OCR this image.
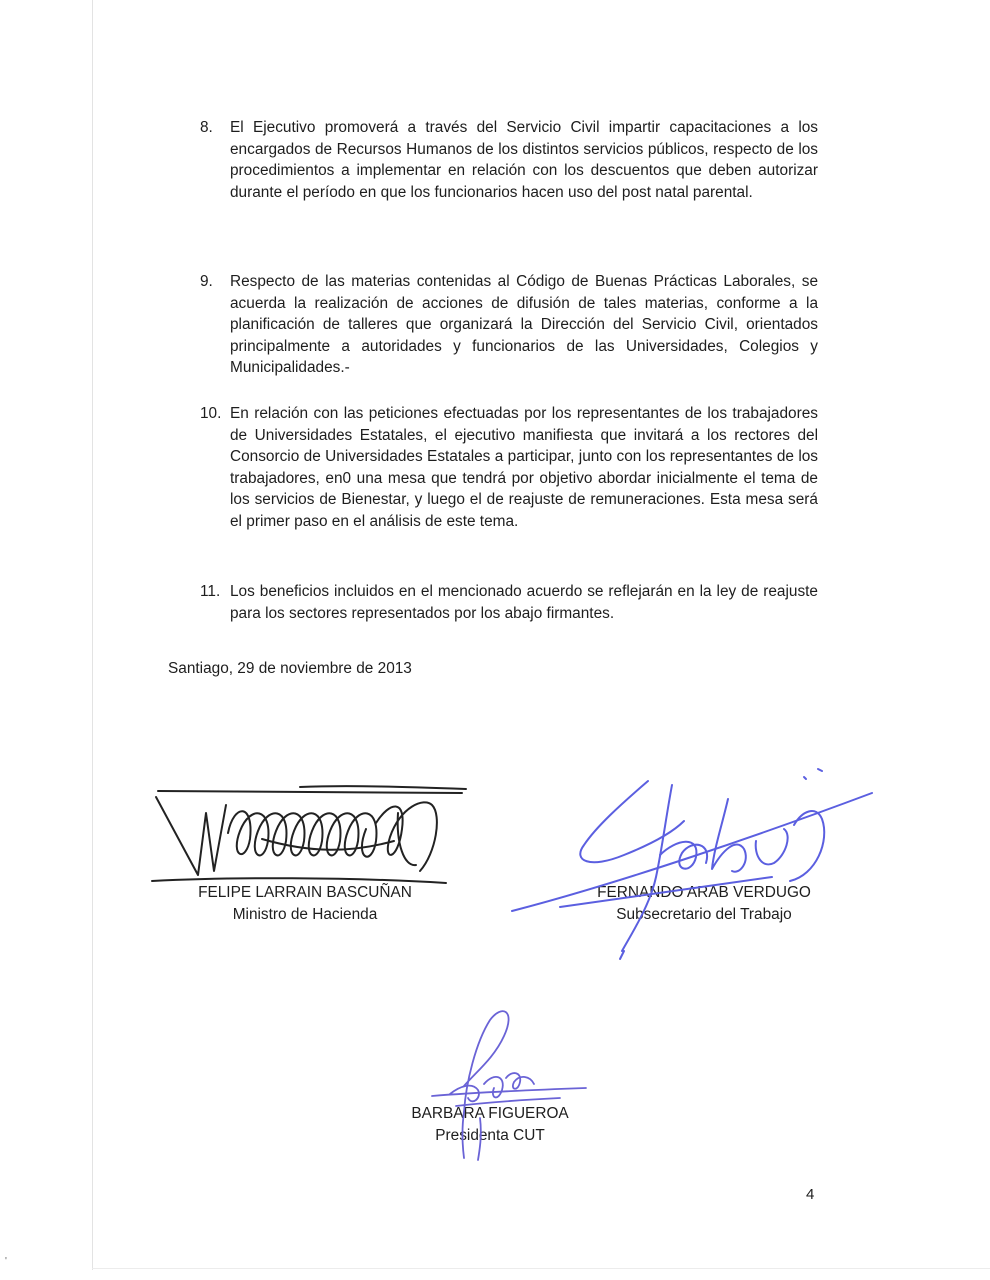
'
8.	El Ejecutivo promoverá a través del Servicio Civil impartir capacitaciones a los encargados de Recursos Humanos de los distintos servicios públicos, respecto de los procedimientos a implementar en relación con los descuentos que deben autorizar durante el período en que los funcionarios hacen uso del post natal parental.
9.	Respecto de las materias contenidas al Código de Buenas Prácticas Laborales, se acuerda la realización de acciones de difusión de tales materias, conforme a la planificación de talleres que organizará la Dirección del Servicio Civil, orientados principalmente a autoridades y funcionarios de las Universidades, Colegios y Municipalidades.-
10. En relación con las peticiones efectuadas por los representantes de los trabajadores de Universidades Estatales, el ejecutivo manifiesta que invitará a los rectores del Consorcio de Universidades Estatales a participar, junto con los representantes de los trabajadores, en0 una mesa que tendrá por objetivo abordar inicialmente el tema de los servicios de Bienestar, y luego el de reajuste de remuneraciones. Esta mesa será el primer paso en el análisis de este tema.
11. Los beneficios incluidos en el mencionado acuerdo se reflejarán en la ley de reajuste para los sectores representados por los abajo firmantes.
Santiago, 29 de noviembre de 2013
FELIPE LARRAIN BASCUÑAN
Ministro de Hacienda
FERNANDO ARAB VERDUGO
Subsecretario del Trabajo
BARBARA FIGUEROA
Presidenta CUT
4
